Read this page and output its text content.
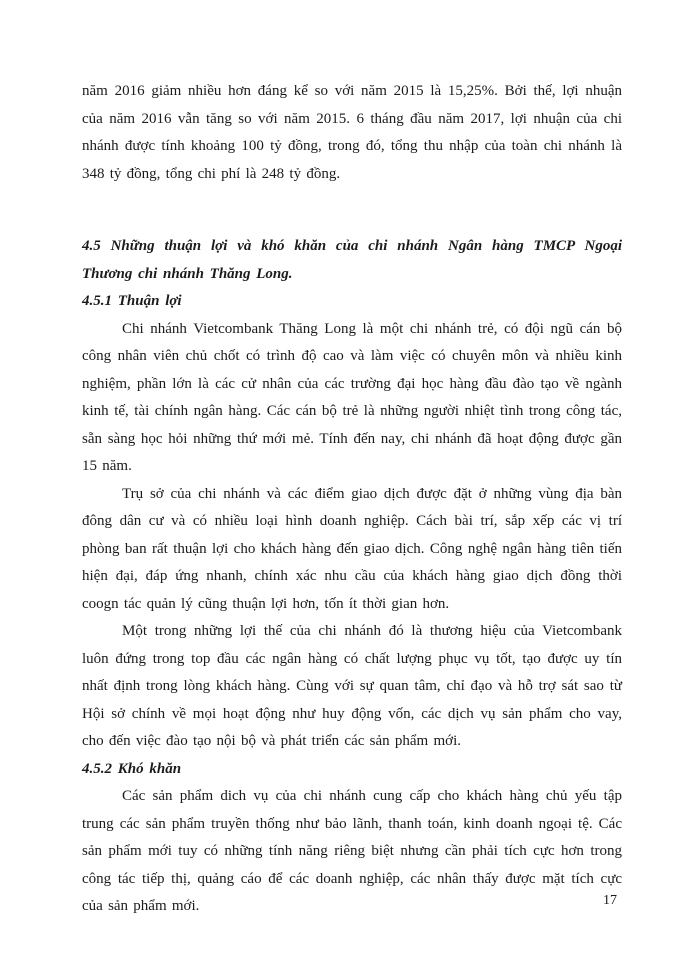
năm 2016 giảm nhiều hơn đáng kể so với năm 2015 là 15,25%. Bởi thế, lợi nhuận của năm 2016 vẫn tăng so với năm 2015. 6 tháng đầu năm 2017, lợi nhuận của chi nhánh được tính khoảng 100 tỷ đồng, trong đó, tổng thu nhập của toàn chi nhánh là 348 tỷ đồng, tổng chi phí là 248 tỷ đồng.

4.5 Những thuận lợi và khó khăn của chi nhánh Ngân hàng TMCP Ngoại Thương chi nhánh Thăng Long.
4.5.1 Thuận lợi

Chi nhánh Vietcombank Thăng Long là một chi nhánh trẻ, có đội ngũ cán bộ công nhân viên chủ chốt có trình độ cao và làm việc có chuyên môn và nhiều kinh nghiệm, phần lớn là các cử nhân của các trường đại học hàng đầu đào tạo về ngành kinh tế, tài chính ngân hàng. Các cán bộ trẻ là những người nhiệt tình trong công tác, sẵn sàng học hỏi những thứ mới mẻ. Tính đến nay, chi nhánh đã hoạt động được gần 15 năm.

Trụ sở của chi nhánh và các điểm giao dịch được đặt ở những vùng địa bàn đông dân cư và có nhiều loại hình doanh nghiệp. Cách bài trí, sắp xếp các vị trí phòng ban rất thuận lợi cho khách hàng đến giao dịch. Công nghệ ngân hàng tiên tiến hiện đại, đáp ứng nhanh, chính xác nhu cầu của khách hàng giao dịch đồng thời coogn tác quản lý cũng thuận lợi hơn, tốn ít thời gian hơn.

Một trong những lợi thế của chi nhánh đó là thương hiệu của Vietcombank luôn đứng trong top đầu các ngân hàng có chất lượng phục vụ tốt, tạo được uy tín nhất định trong lòng khách hàng. Cùng với sự quan tâm, chỉ đạo và hỗ trợ sát sao từ Hội sở chính về mọi hoạt động như huy động vốn, các dịch vụ sản phẩm cho vay, cho đến việc đào tạo nội bộ và phát triển các sản phẩm mới.

4.5.2 Khó khăn

Các sản phẩm dich vụ của chi nhánh cung cấp cho khách hàng chủ yếu tập trung các sản phẩm truyền thống như bảo lãnh, thanh toán, kinh doanh ngoại tệ. Các sản phẩm mới tuy có những tính năng riêng biệt nhưng cần phải tích cực hơn trong công tác tiếp thị, quảng cáo để các doanh nghiệp, các nhân thấy được mặt tích cực của sản phẩm mới.	17
